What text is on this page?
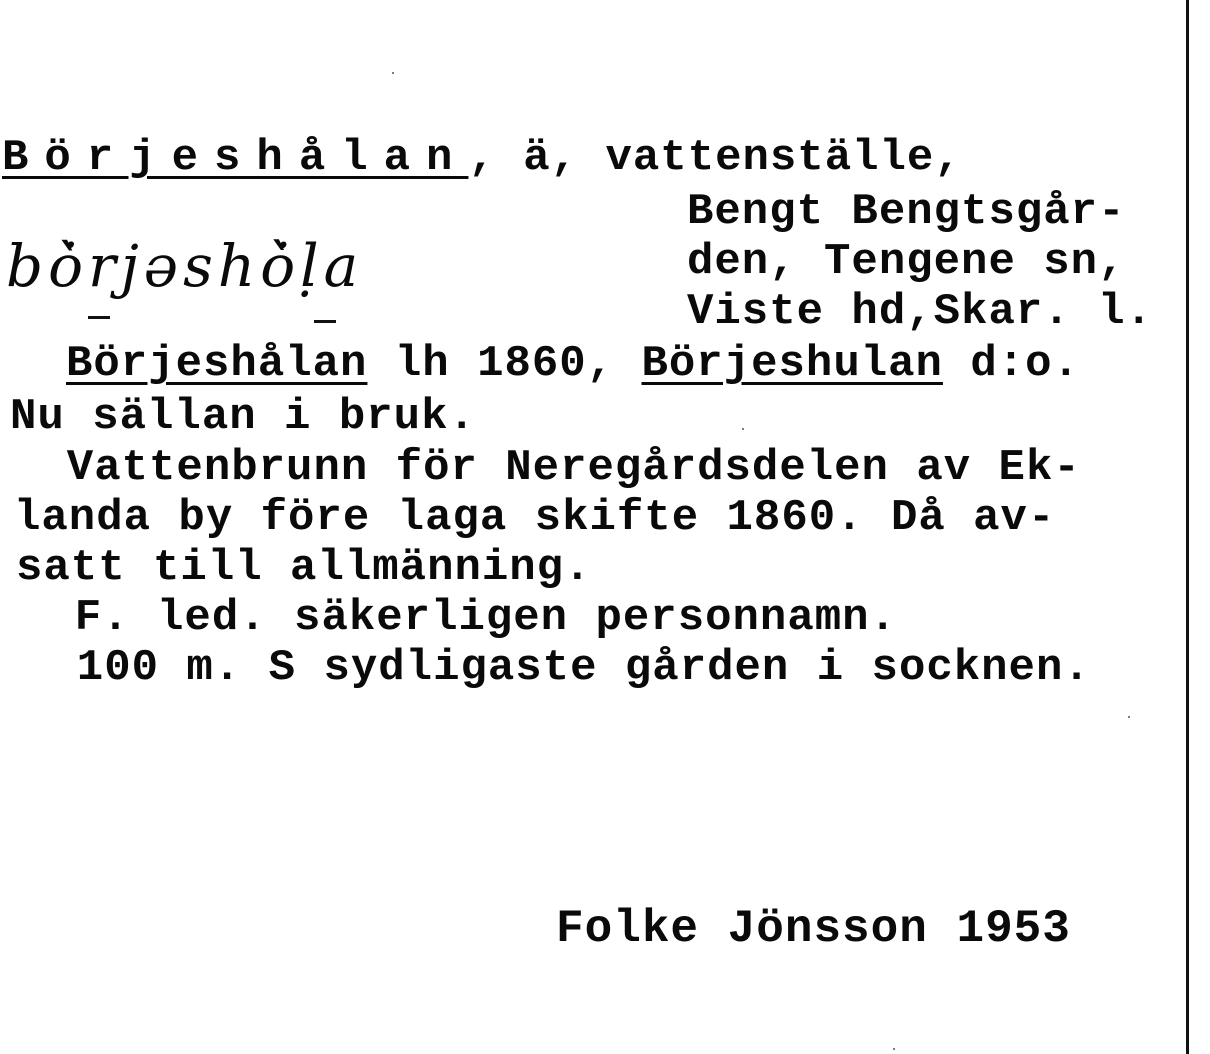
Börjeshålan, ä, vattenställe,
Bengt Bengtsgår-
den, Tengene sn,
Viste hd,Skar. l.
bò̇rjəshȯ̀ḷa
Börjeshålan lh 1860, Börjeshulan d:o.
Nu sällan i bruk.
Vattenbrunn för Neregårdsdelen av Ek-
landa by före laga skifte 1860. Då av-
satt till allmänning.
F. led. säkerligen personnamn.
100 m. S sydligaste gården i socknen.
Folke Jönsson 1953
